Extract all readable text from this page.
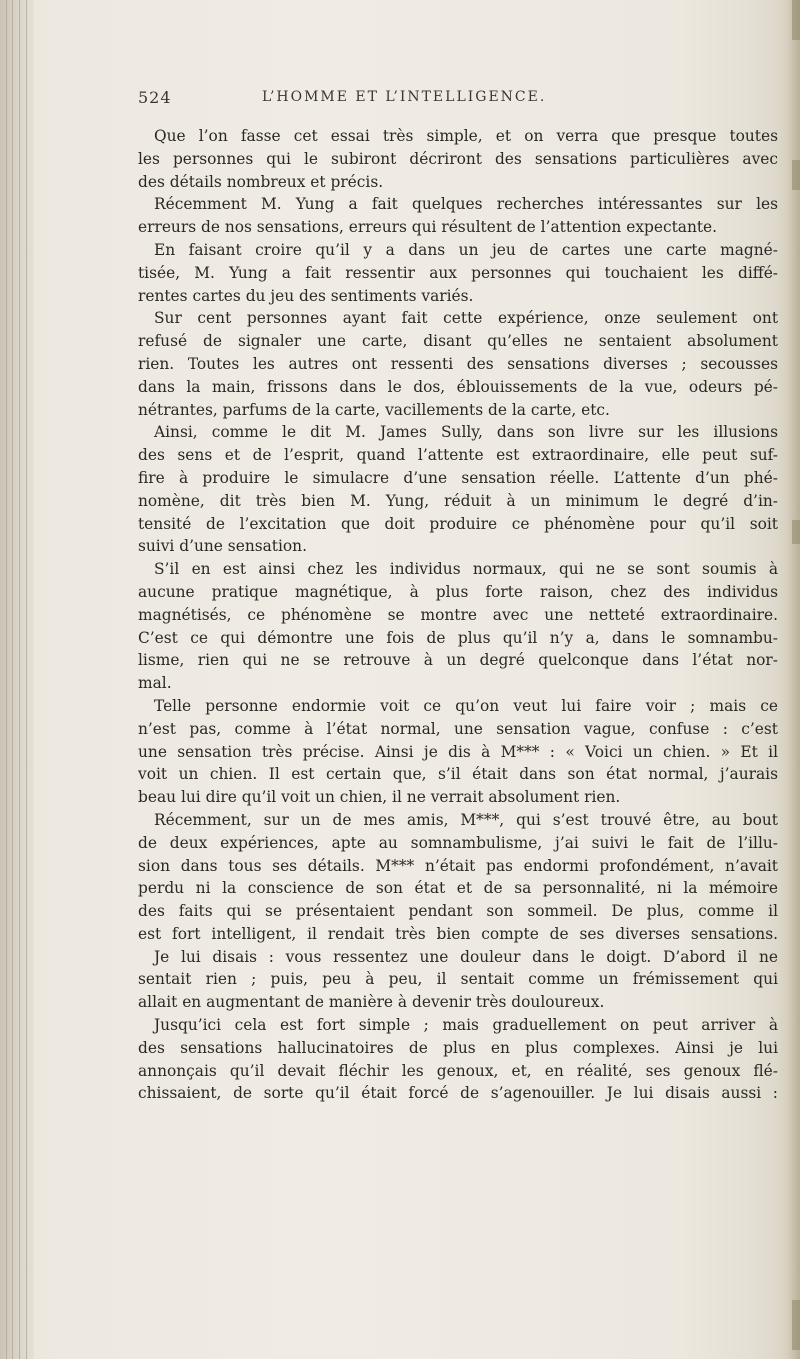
524	L’HOMME ET L’INTELLIGENCE.
Que l’on fasse cet essai très simple, et on verra que presque toutes
les personnes qui le subiront décriront des sensations particulières avec
des détails nombreux et précis.
Récemment M. Yung a fait quelques recherches intéressantes sur les
erreurs de nos sensations, erreurs qui résultent de l’attention expectante.
En faisant croire qu’il y a dans un jeu de cartes une carte magné-
tisée, M. Yung a fait ressentir aux personnes qui touchaient les diffé-
rentes cartes du jeu des sentiments variés.
Sur cent personnes ayant fait cette expérience, onze seulement ont
refusé de signaler une carte, disant qu’elles ne sentaient absolument
rien. Toutes les autres ont ressenti des sensations diverses ; secousses
dans la main, frissons dans le dos, éblouissements de la vue, odeurs pé-
nétrantes, parfums de la carte, vacillements de la carte, etc.
Ainsi, comme le dit M. James Sully, dans son livre sur les illusions
des sens et de l’esprit, quand l’attente est extraordinaire, elle peut suf-
fire à produire le simulacre d’une sensation réelle. L’attente d’un phé-
nomène, dit très bien M. Yung, réduit à un minimum le degré d’in-
tensité de l’excitation que doit produire ce phénomène pour qu’il soit
suivi d’une sensation.
S’il en est ainsi chez les individus normaux, qui ne se sont soumis à
aucune pratique magnétique, à plus forte raison, chez des individus
magnétisés, ce phénomène se montre avec une netteté extraordinaire.
C’est ce qui démontre une fois de plus qu’il n’y a, dans le somnambu-
lisme, rien qui ne se retrouve à un degré quelconque dans l’état nor-
mal.
Telle personne endormie voit ce qu’on veut lui faire voir ; mais ce
n’est pas, comme à l’état normal, une sensation vague, confuse : c’est
une sensation très précise. Ainsi je dis à M*** : « Voici un chien. » Et il
voit un chien. Il est certain que, s’il était dans son état normal, j’aurais
beau lui dire qu’il voit un chien, il ne verrait absolument rien.
Récemment, sur un de mes amis, M***, qui s’est trouvé être, au bout
de deux expériences, apte au somnambulisme, j’ai suivi le fait de l’illu-
sion dans tous ses détails. M*** n’était pas endormi profondément, n’avait
perdu ni la conscience de son état et de sa personnalité, ni la mémoire
des faits qui se présentaient pendant son sommeil. De plus, comme il
est fort intelligent, il rendait très bien compte de ses diverses sensations.
Je lui disais : vous ressentez une douleur dans le doigt. D’abord il ne
sentait rien ; puis, peu à peu, il sentait comme un frémissement qui
allait en augmentant de manière à devenir très douloureux.
Jusqu’ici cela est fort simple ; mais graduellement on peut arriver à
des sensations hallucinatoires de plus en plus complexes. Ainsi je lui
annonçais qu’il devait fléchir les genoux, et, en réalité, ses genoux flé-
chissaient, de sorte qu’il était forcé de s’agenouiller. Je lui disais aussi :
